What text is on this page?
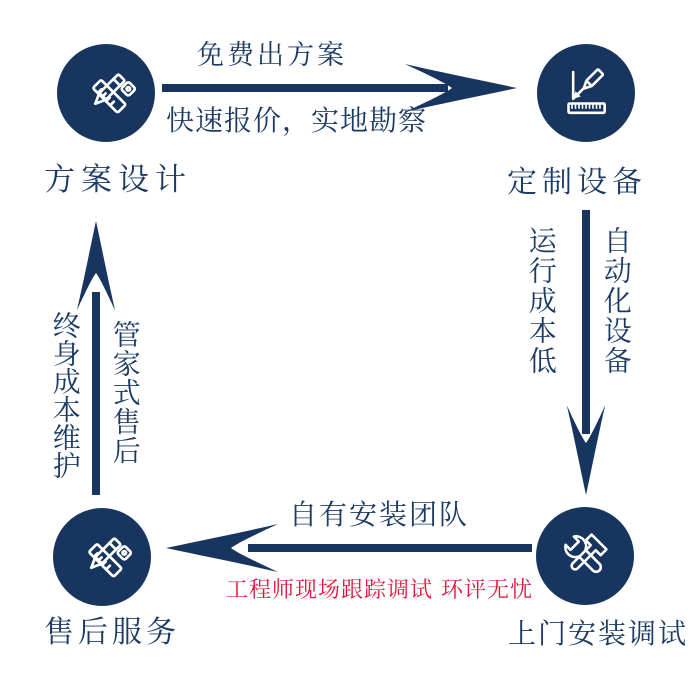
方案设计	定制设备
上门安装调试
售后服务
免费出方案
快速报价，实地勘察
运行成本低 自动化设备
自有安装团队
工程师现场跟踪调试 环评无忧
终身成本维护 管家式售后
